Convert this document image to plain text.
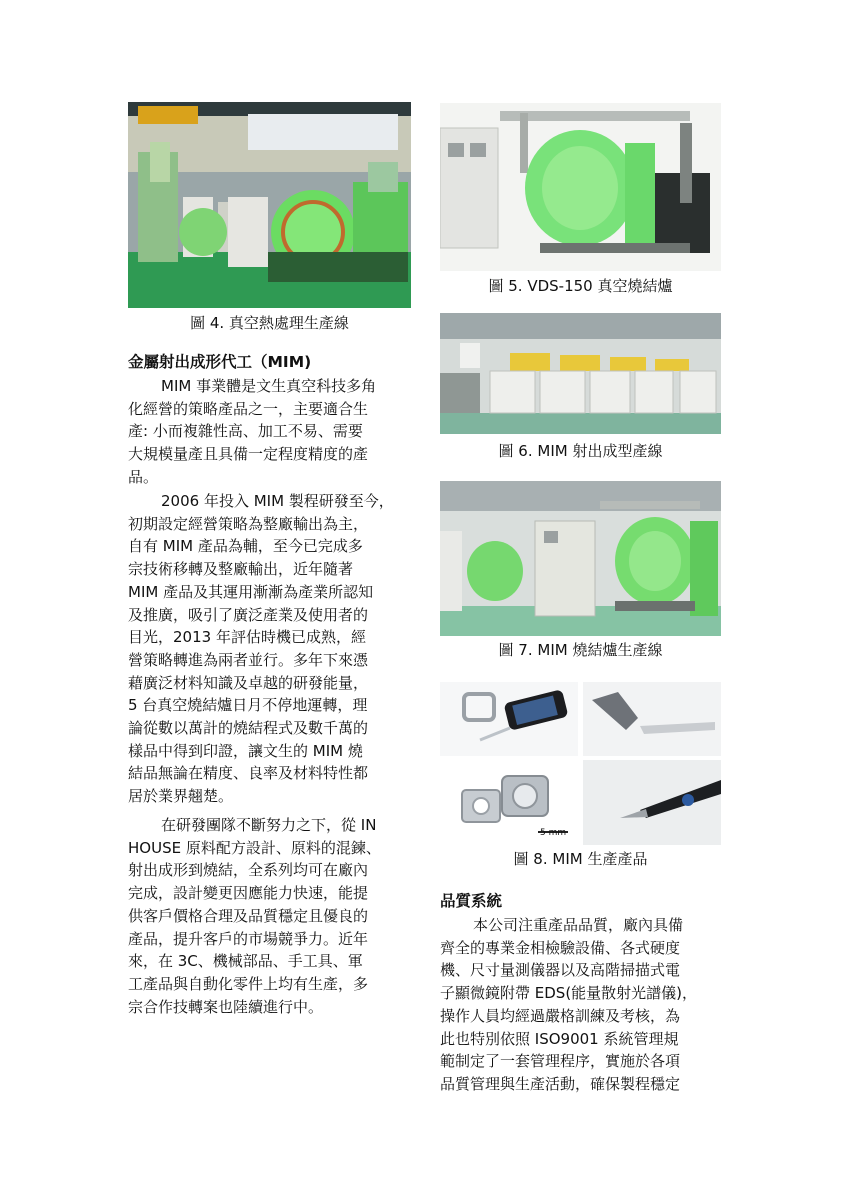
圖 4. 真空熱處理生產線
圖 5. VDS-150 真空燒結爐
圖 6. MIM 射出成型產線
圖 7. MIM 燒結爐生產線
5 mm
圖 8. MIM 生產產品
金屬射出成形代工（MIM)
MIM 事業體是文生真空科技多角
化經營的策略產品之一，主要適合生
產: 小而複雜性高、加工不易、需要
大規模量產且具備一定程度精度的產
品。
2006 年投入 MIM 製程研發至今，
初期設定經營策略為整廠輸出為主，
自有 MIM 產品為輔，至今已完成多
宗技術移轉及整廠輸出，近年隨著
MIM 產品及其運用漸漸為產業所認知
及推廣，吸引了廣泛產業及使用者的
目光，2013 年評估時機已成熟，經
營策略轉進為兩者並行。多年下來憑
藉廣泛材料知識及卓越的研發能量，
5 台真空燒結爐日月不停地運轉，理
論從數以萬計的燒結程式及數千萬的
樣品中得到印證，讓文生的 MIM 燒
結品無論在精度、良率及材料特性都
居於業界翹楚。
在研發團隊不斷努力之下，從 IN
HOUSE 原料配方設計、原料的混鍊、
射出成形到燒結，全系列均可在廠內
完成，設計變更因應能力快速，能提
供客戶價格合理及品質穩定且優良的
產品，提升客戶的市場競爭力。近年
來，在 3C、機械部品、手工具、軍
工產品與自動化零件上均有生產，多
宗合作技轉案也陸續進行中。
品質系統
本公司注重產品品質，廠內具備
齊全的專業金相檢驗設備、各式硬度
機、尺寸量測儀器以及高階掃描式電
子顯微鏡附帶 EDS(能量散射光譜儀)，
操作人員均經過嚴格訓練及考核，為
此也特別依照 ISO9001 系統管理規
範制定了一套管理程序，實施於各項
品質管理與生產活動，確保製程穩定
